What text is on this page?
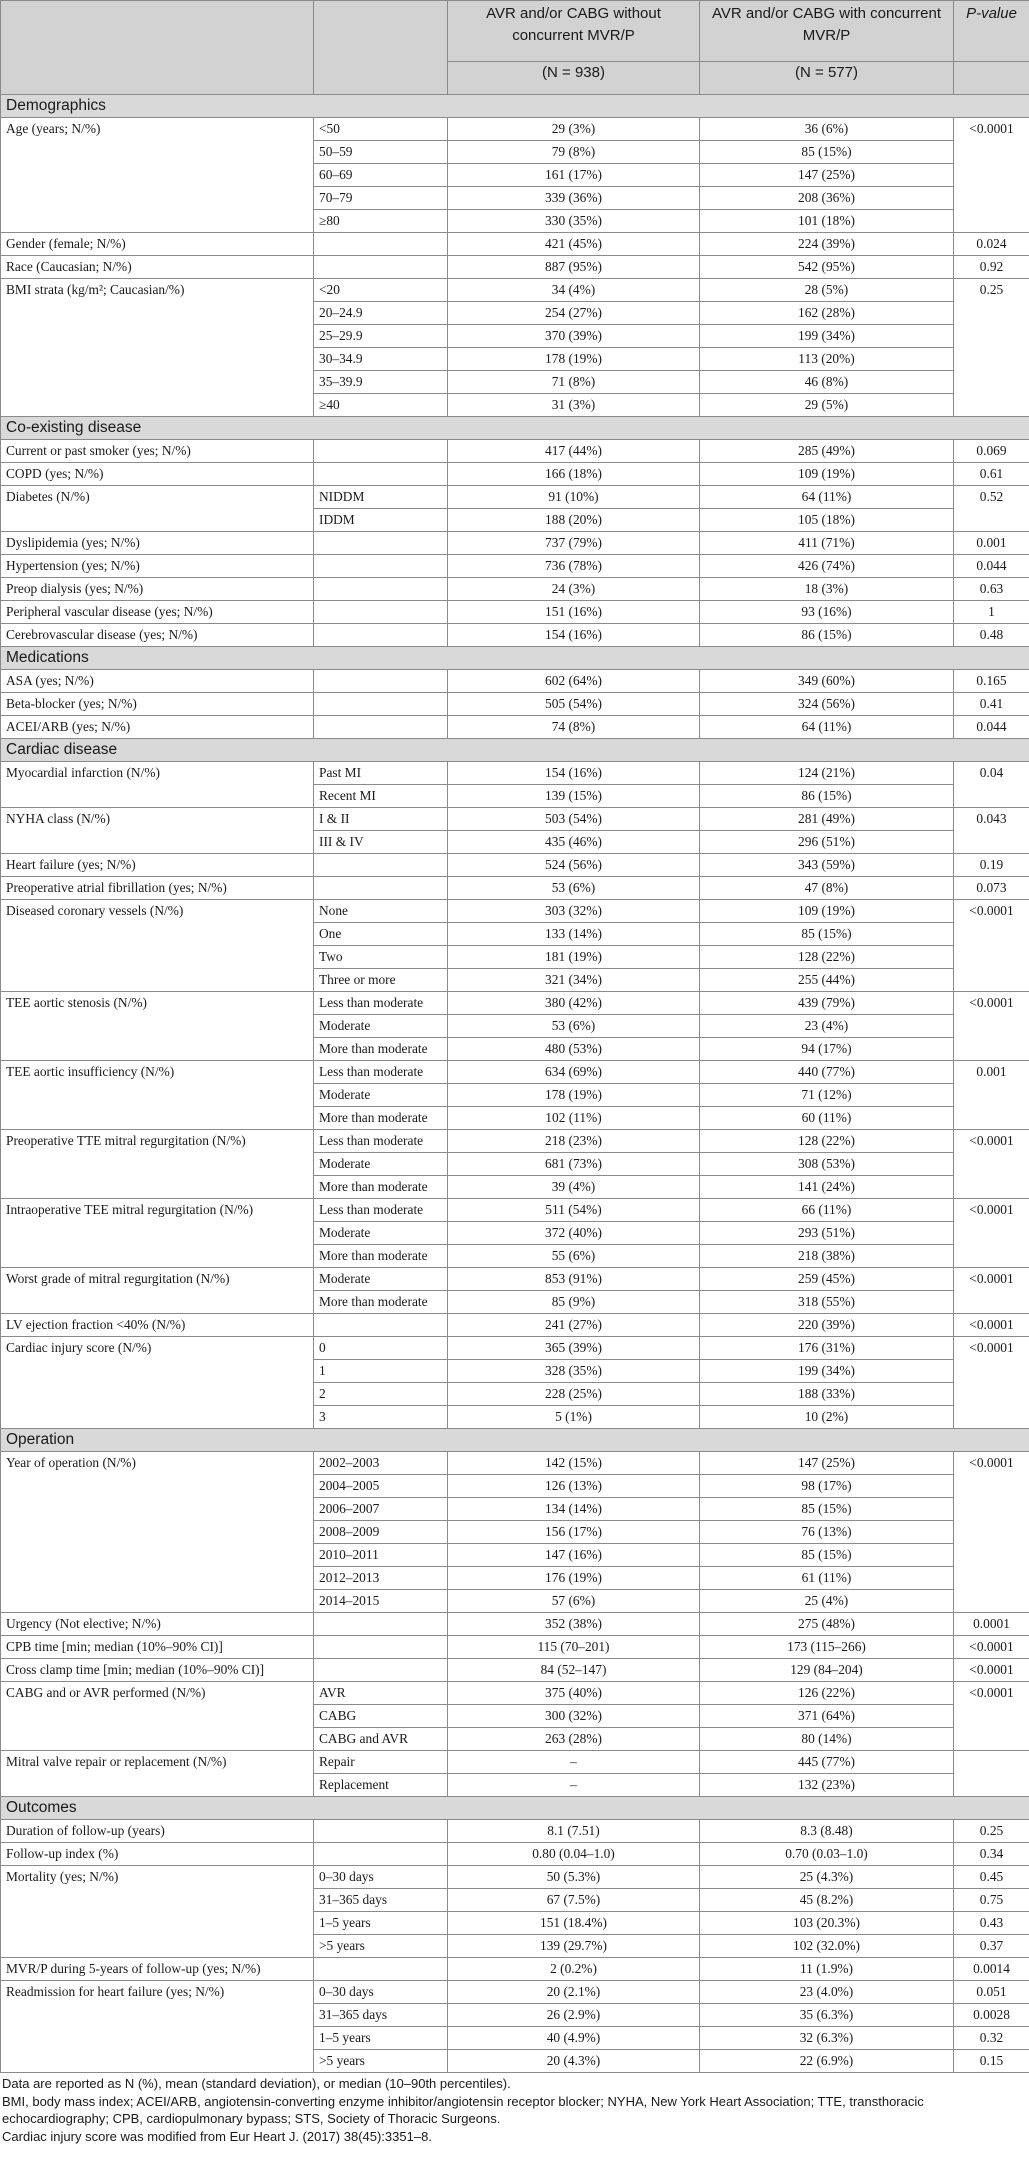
		AVR and/or CABG without concurrent MVR/P	AVR and/or CABG with concurrent MVR/P	P-value
		(N = 938)	(N = 577)	
Demographics				
Age (years; N/%)	<50	29 (3%)	36 (6%)	<0.0001
	50–59	79 (8%)	85 (15%)	
	60–69	161 (17%)	147 (25%)	
	70–79	339 (36%)	208 (36%)	
	≥80	330 (35%)	101 (18%)	
Gender (female; N/%)		421 (45%)	224 (39%)	0.024
Race (Caucasian; N/%)		887 (95%)	542 (95%)	0.92
BMI strata (kg/m²; Caucasian/%)	<20	34 (4%)	28 (5%)	0.25
	20–24.9	254 (27%)	162 (28%)	
	25–29.9	370 (39%)	199 (34%)	
	30–34.9	178 (19%)	113 (20%)	
	35–39.9	71 (8%)	46 (8%)	
	≥40	31 (3%)	29 (5%)	
Co-existing disease				
Current or past smoker (yes; N/%)		417 (44%)	285 (49%)	0.069
COPD (yes; N/%)		166 (18%)	109 (19%)	0.61
Diabetes (N/%)	NIDDM	91 (10%)	64 (11%)	0.52
	IDDM	188 (20%)	105 (18%)	
Dyslipidemia (yes; N/%)		737 (79%)	411 (71%)	0.001
Hypertension (yes; N/%)		736 (78%)	426 (74%)	0.044
Preop dialysis (yes; N/%)		24 (3%)	18 (3%)	0.63
Peripheral vascular disease (yes; N/%)		151 (16%)	93 (16%)	1
Cerebrovascular disease (yes; N/%)		154 (16%)	86 (15%)	0.48
Medications				
ASA (yes; N/%)		602 (64%)	349 (60%)	0.165
Beta-blocker (yes; N/%)		505 (54%)	324 (56%)	0.41
ACEI/ARB (yes; N/%)		74 (8%)	64 (11%)	0.044
Cardiac disease				
Myocardial infarction (N/%)	Past MI	154 (16%)	124 (21%)	0.04
	Recent MI	139 (15%)	86 (15%)	
NYHA class (N/%)	I & II	503 (54%)	281 (49%)	0.043
	III & IV	435 (46%)	296 (51%)	
Heart failure (yes; N/%)		524 (56%)	343 (59%)	0.19
Preoperative atrial fibrillation (yes; N/%)		53 (6%)	47 (8%)	0.073
Diseased coronary vessels (N/%)	None	303 (32%)	109 (19%)	<0.0001
	One	133 (14%)	85 (15%)	
	Two	181 (19%)	128 (22%)	
	Three or more	321 (34%)	255 (44%)	
TEE aortic stenosis (N/%)	Less than moderate	380 (42%)	439 (79%)	<0.0001
	Moderate	53 (6%)	23 (4%)	
	More than moderate	480 (53%)	94 (17%)	
TEE aortic insufficiency (N/%)	Less than moderate	634 (69%)	440 (77%)	0.001
	Moderate	178 (19%)	71 (12%)	
	More than moderate	102 (11%)	60 (11%)	
Preoperative TTE mitral regurgitation (N/%)	Less than moderate	218 (23%)	128 (22%)	<0.0001
	Moderate	681 (73%)	308 (53%)	
	More than moderate	39 (4%)	141 (24%)	
Intraoperative TEE mitral regurgitation (N/%)	Less than moderate	511 (54%)	66 (11%)	<0.0001
	Moderate	372 (40%)	293 (51%)	
	More than moderate	55 (6%)	218 (38%)	
Worst grade of mitral regurgitation (N/%)	Moderate	853 (91%)	259 (45%)	<0.0001
	More than moderate	85 (9%)	318 (55%)	
LV ejection fraction <40% (N/%)		241 (27%)	220 (39%)	<0.0001
Cardiac injury score (N/%)	0	365 (39%)	176 (31%)	<0.0001
	1	328 (35%)	199 (34%)	
	2	228 (25%)	188 (33%)	
	3	5 (1%)	10 (2%)	
Operation				
Year of operation (N/%)	2002–2003	142 (15%)	147 (25%)	<0.0001
	2004–2005	126 (13%)	98 (17%)	
	2006–2007	134 (14%)	85 (15%)	
	2008–2009	156 (17%)	76 (13%)	
	2010–2011	147 (16%)	85 (15%)	
	2012–2013	176 (19%)	61 (11%)	
	2014–2015	57 (6%)	25 (4%)	
Urgency (Not elective; N/%)		352 (38%)	275 (48%)	0.0001
CPB time [min; median (10%–90% CI)]		115 (70–201)	173 (115–266)	<0.0001
Cross clamp time [min; median (10%–90% CI)]		84 (52–147)	129 (84–204)	<0.0001
CABG and or AVR performed (N/%)	AVR	375 (40%)	126 (22%)	<0.0001
	CABG	300 (32%)	371 (64%)	
	CABG and AVR	263 (28%)	80 (14%)	
Mitral valve repair or replacement (N/%)	Repair	–	445 (77%)	
	Replacement	–	132 (23%)	
Outcomes				
Duration of follow-up (years)		8.1 (7.51)	8.3 (8.48)	0.25
Follow-up index (%)		0.80 (0.04–1.0)	0.70 (0.03–1.0)	0.34
Mortality (yes; N/%)	0–30 days	50 (5.3%)	25 (4.3%)	0.45
	31–365 days	67 (7.5%)	45 (8.2%)	0.75
	1–5 years	151 (18.4%)	103 (20.3%)	0.43
	>5 years	139 (29.7%)	102 (32.0%)	0.37
MVR/P during 5-years of follow-up (yes; N/%)		2 (0.2%)	11 (1.9%)	0.0014
Readmission for heart failure (yes; N/%)	0–30 days	20 (2.1%)	23 (4.0%)	0.051
	31–365 days	26 (2.9%)	35 (6.3%)	0.0028
	1–5 years	40 (4.9%)	32 (6.3%)	0.32
	>5 years	20 (4.3%)	22 (6.9%)	0.15

Data are reported as N (%), mean (standard deviation), or median (10–90th percentiles).

BMI, body mass index; ACEI/ARB, angiotensin-converting enzyme inhibitor/angiotensin receptor blocker; NYHA, New York Heart Association; TTE, transthoracic echocardiography; CPB, cardiopulmonary bypass; STS, Society of Thoracic Surgeons.

Cardiac injury score was modified from Eur Heart J. (2017) 38(45):3351–8.
